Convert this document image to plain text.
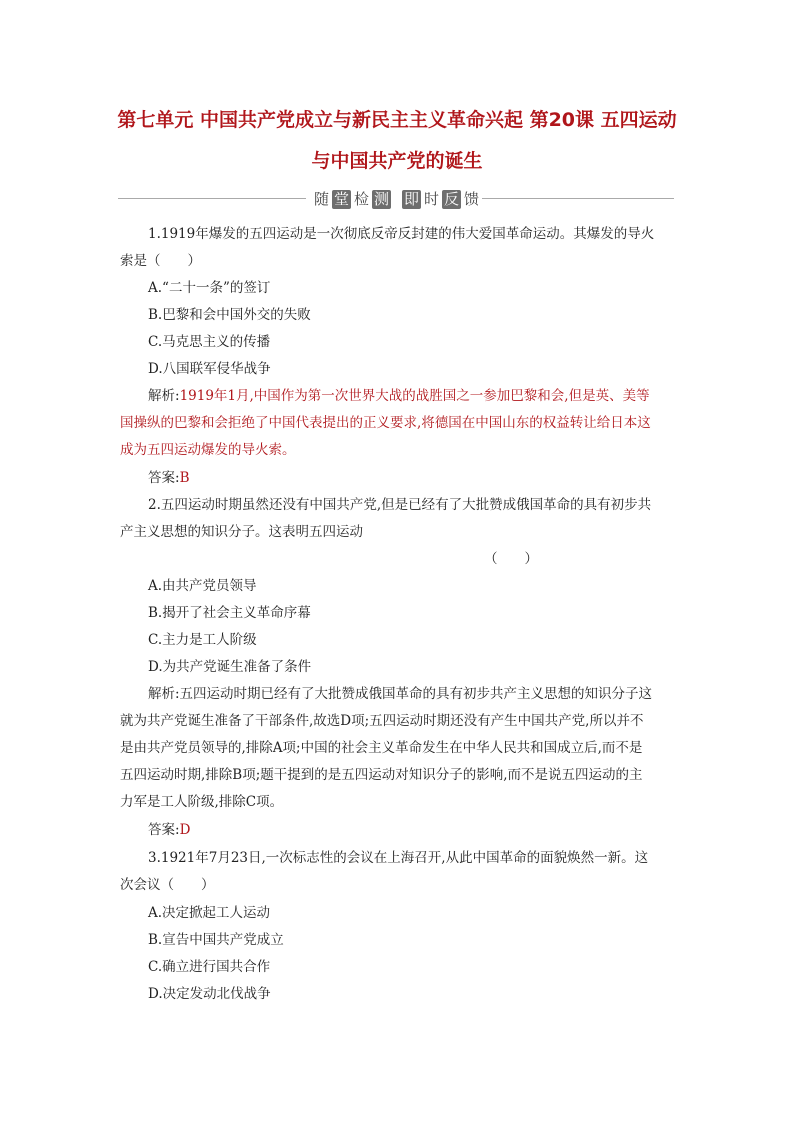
第七单元 中国共产党成立与新民主主义革命兴起 第20课 五四运动
与中国共产党的诞生
随 堂 检 测 即 时 反 馈
1.1919年爆发的五四运动是一次彻底反帝反封建的伟大爱国革命运动。其爆发的导火
索是（　　）
A.“二十一条”的签订
B.巴黎和会中国外交的失败
C.马克思主义的传播
D.八国联军侵华战争
解析:1919年1月,中国作为第一次世界大战的战胜国之一参加巴黎和会,但是英、美等
国操纵的巴黎和会拒绝了中国代表提出的正义要求,将德国在中国山东的权益转让给日本这
成为五四运动爆发的导火索。
答案:B
2.五四运动时期虽然还没有中国共产党,但是已经有了大批赞成俄国革命的具有初步共
产主义思想的知识分子。这表明五四运动
（　　）
A.由共产党员领导
B.揭开了社会主义革命序幕
C.主力是工人阶级
D.为共产党诞生准备了条件
解析:五四运动时期已经有了大批赞成俄国革命的具有初步共产主义思想的知识分子这
就为共产党诞生准备了干部条件,故选D项;五四运动时期还没有产生中国共产党,所以并不
是由共产党员领导的,排除A项;中国的社会主义革命发生在中华人民共和国成立后,而不是
五四运动时期,排除B项;题干提到的是五四运动对知识分子的影响,而不是说五四运动的主
力军是工人阶级,排除C项。
答案:D
3.1921年7月23日,一次标志性的会议在上海召开,从此中国革命的面貌焕然一新。这
次会议（　　）
A.决定掀起工人运动
B.宣告中国共产党成立
C.确立进行国共合作
D.决定发动北伐战争
